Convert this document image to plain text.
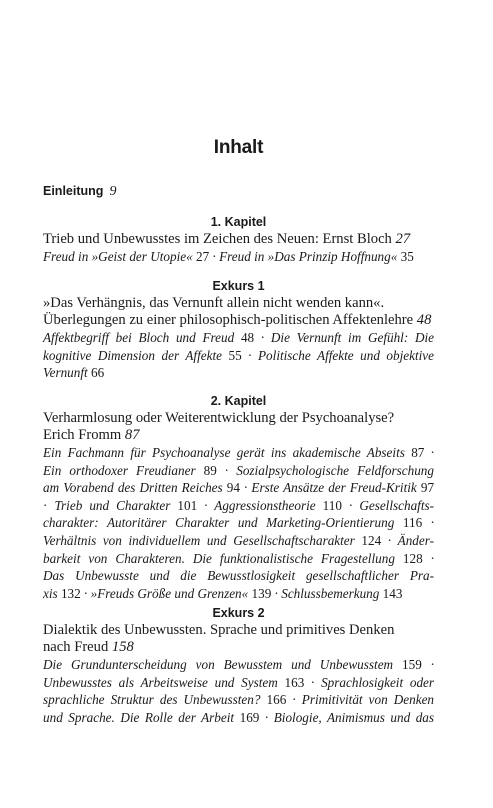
Inhalt
Einleitung 9
1. Kapitel
Trieb und Unbewusstes im Zeichen des Neuen: Ernst Bloch 27
Freud in »Geist der Utopie« 27 · Freud in »Das Prinzip Hoffnung« 35
Exkurs 1
»Das Verhängnis, das Vernunft allein nicht wenden kann«.
Überlegungen zu einer philosophisch-politischen Affektenlehre 48
Affektbegriff bei Bloch und Freud 48 · Die Vernunft im Gefühl: Die
kognitive Dimension der Affekte 55 · Politische Affekte und objektive
Vernunft 66
2. Kapitel
Verharmlosung oder Weiterentwicklung der Psychoanalyse?
Erich Fromm 87
Ein Fachmann für Psychoanalyse gerät ins akademische Abseits 87 ·
Ein orthodoxer Freudianer 89 · Sozialpsychologische Feldforschung
am Vorabend des Dritten Reiches 94 · Erste Ansätze der Freud-Kritik 97
· Trieb und Charakter 101 · Aggressionstheorie 110 · Gesellschafts-
charakter: Autoritärer Charakter und Marketing-Orientierung 116 ·
Verhältnis von individuellem und Gesellschaftscharakter 124 · Änder-
barkeit von Charakteren. Die funktionalistische Fragestellung 128 ·
Das Unbewusste und die Bewusstlosigkeit gesellschaftlicher Pra-
xis 132 · »Freuds Größe und Grenzen« 139 · Schlussbemerkung 143
Exkurs 2
Dialektik des Unbewussten. Sprache und primitives Denken
nach Freud 158
Die Grundunterscheidung von Bewusstem und Unbewusstem 159 ·
Unbewusstes als Arbeitsweise und System 163 · Sprachlosigkeit oder
sprachliche Struktur des Unbewussten? 166 · Primitivität von Denken
und Sprache. Die Rolle der Arbeit 169 · Biologie, Animismus und das
